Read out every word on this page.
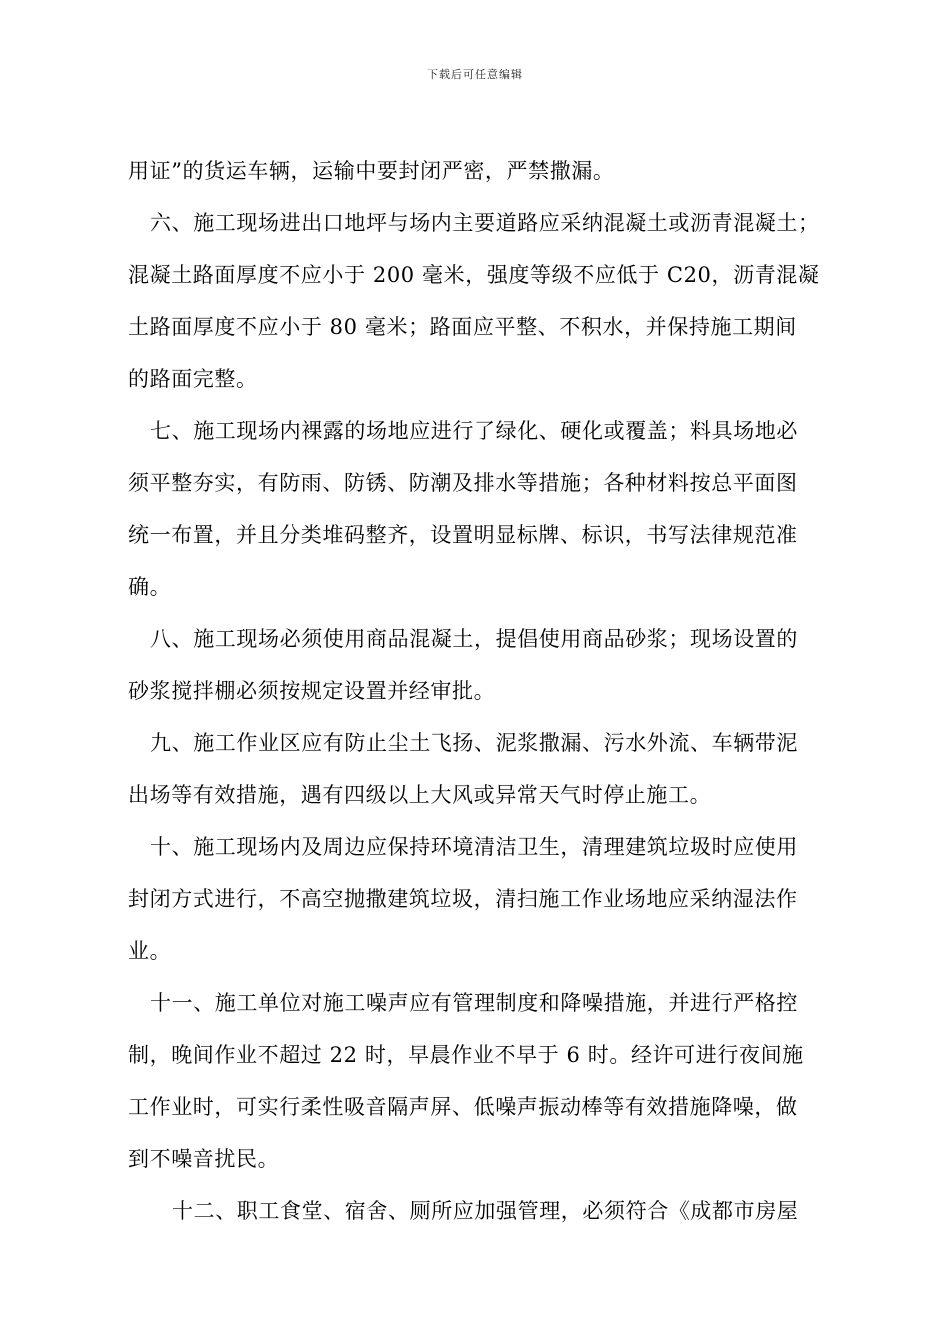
下载后可任意编辑
用证”的货运车辆，运输中要封闭严密，严禁撒漏。
六、施工现场进出口地坪与场内主要道路应采纳混凝土或沥青混凝土；
混凝土路面厚度不应小于 200 毫米，强度等级不应低于 C20，沥青混凝
土路面厚度不应小于 80 毫米；路面应平整、不积水，并保持施工期间
的路面完整。
七、施工现场内裸露的场地应进行了绿化、硬化或覆盖；料具场地必
须平整夯实，有防雨、防锈、防潮及排水等措施；各种材料按总平面图
统一布置，并且分类堆码整齐，设置明显标牌、标识，书写法律规范准
确。
八、施工现场必须使用商品混凝土，提倡使用商品砂浆；现场设置的
砂浆搅拌棚必须按规定设置并经审批。
九、施工作业区应有防止尘土飞扬、泥浆撒漏、污水外流、车辆带泥
出场等有效措施，遇有四级以上大风或异常天气时停止施工。
十、施工现场内及周边应保持环境清洁卫生，清理建筑垃圾时应使用
封闭方式进行，不高空抛撒建筑垃圾，清扫施工作业场地应采纳湿法作
业。
十一、施工单位对施工噪声应有管理制度和降噪措施，并进行严格控
制，晚间作业不超过 22 时，早晨作业不早于 6 时。经许可进行夜间施
工作业时，可实行柔性吸音隔声屏、低噪声振动棒等有效措施降噪，做
到不噪音扰民。
十二、职工食堂、宿舍、厕所应加强管理，必须符合《成都市房屋
